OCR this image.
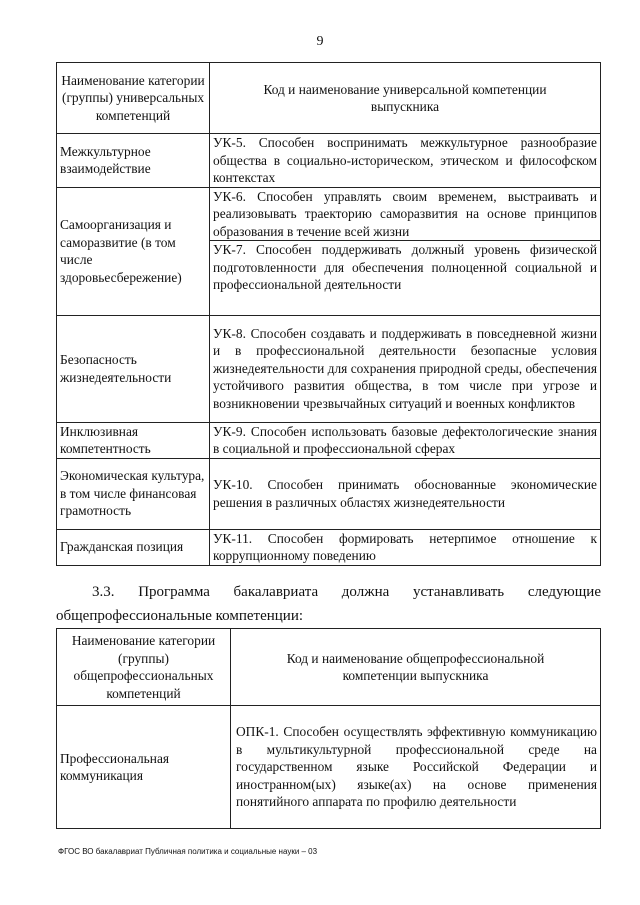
9
Наименование категории (группы) универсальных компетенций	Код и наименование универсальной компетенции выпускника
Межкультурное взаимодействие	УК-5. Способен воспринимать межкультурное разнообразие общества в социально-историческом, этическом и философском контекстах
Самоорганизация и саморазвитие (в том числе здоровьесбережение)	УК-6. Способен управлять своим временем, выстраивать и реализовывать траекторию саморазвития на основе принципов образования в течение всей жизни
УК-7. Способен поддерживать должный уровень физической подготовленности для обеспечения полноценной социальной и профессиональной деятельности

Безопасность жизнедеятельности	УК-8. Способен создавать и поддерживать в повседневной жизни и в профессиональной деятельности безопасные условия жизнедеятельности для сохранения природной среды, обеспечения устойчивого развития общества, в том числе при угрозе и возникновении чрезвычайных ситуаций и военных конфликтов
Инклюзивная компетентность	УК-9. Способен использовать базовые дефектологические знания в социальной и профессиональной сферах
Экономическая культура, в том числе финансовая грамотность	УК-10. Способен принимать обоснованные экономические решения в различных областях жизнедеятельности
Гражданская позиция	УК-11. Способен формировать нетерпимое отношение к коррупционному поведению
3.3. Программа бакалавриата должна устанавливать следующие общепрофессиональные компетенции:
Наименование категории (группы) общепрофессиональных компетенций	Код и наименование общепрофессиональной компетенции выпускника
Профессиональная коммуникация	ОПК-1. Способен осуществлять эффективную коммуникацию в мультикультурной профессиональной среде на государственном языке Российской Федерации и иностранном(ых) языке(ах) на основе применения понятийного аппарата по профилю деятельности
ФГОС ВО бакалавриат Публичная политика и социальные науки – 03
